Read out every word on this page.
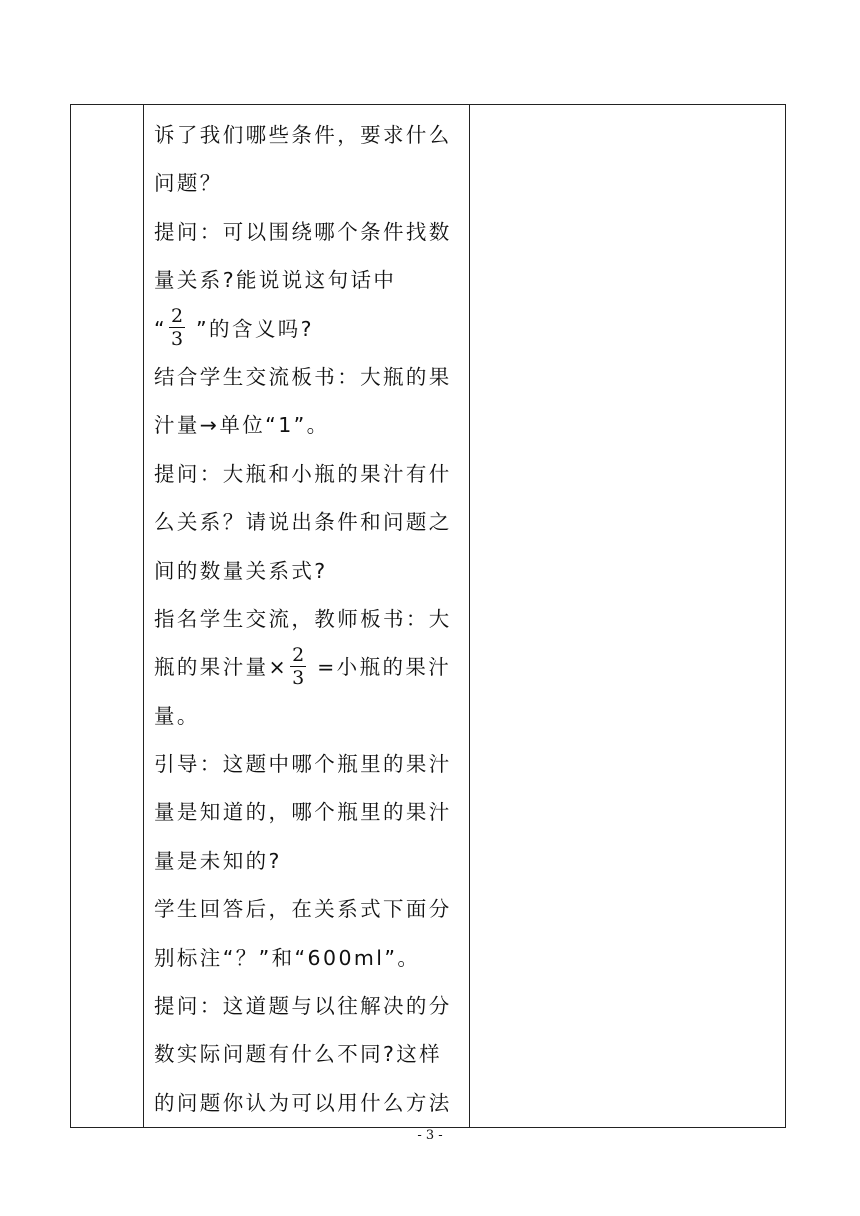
诉了我们哪些条件，要求什么
问题？
提问：可以围绕哪个条件找数
量关系?能说说这句话中
“ $\frac{2}{3}$ ”的含义吗?
结合学生交流板书：大瓶的果
汁量→单位“1”。
提问：大瓶和小瓶的果汁有什
么关系？请说出条件和问题之
间的数量关系式?
指名学生交流，教师板书：大
瓶的果汁量× $\frac{2}{3}$ =小瓶的果汁
量。
引导：这题中哪个瓶里的果汁
量是知道的，哪个瓶里的果汁
量是未知的?
学生回答后，在关系式下面分
别标注“？”和“600ml”。
提问：这道题与以往解决的分
数实际问题有什么不同?这样
的问题你认为可以用什么方法

- 3 -
